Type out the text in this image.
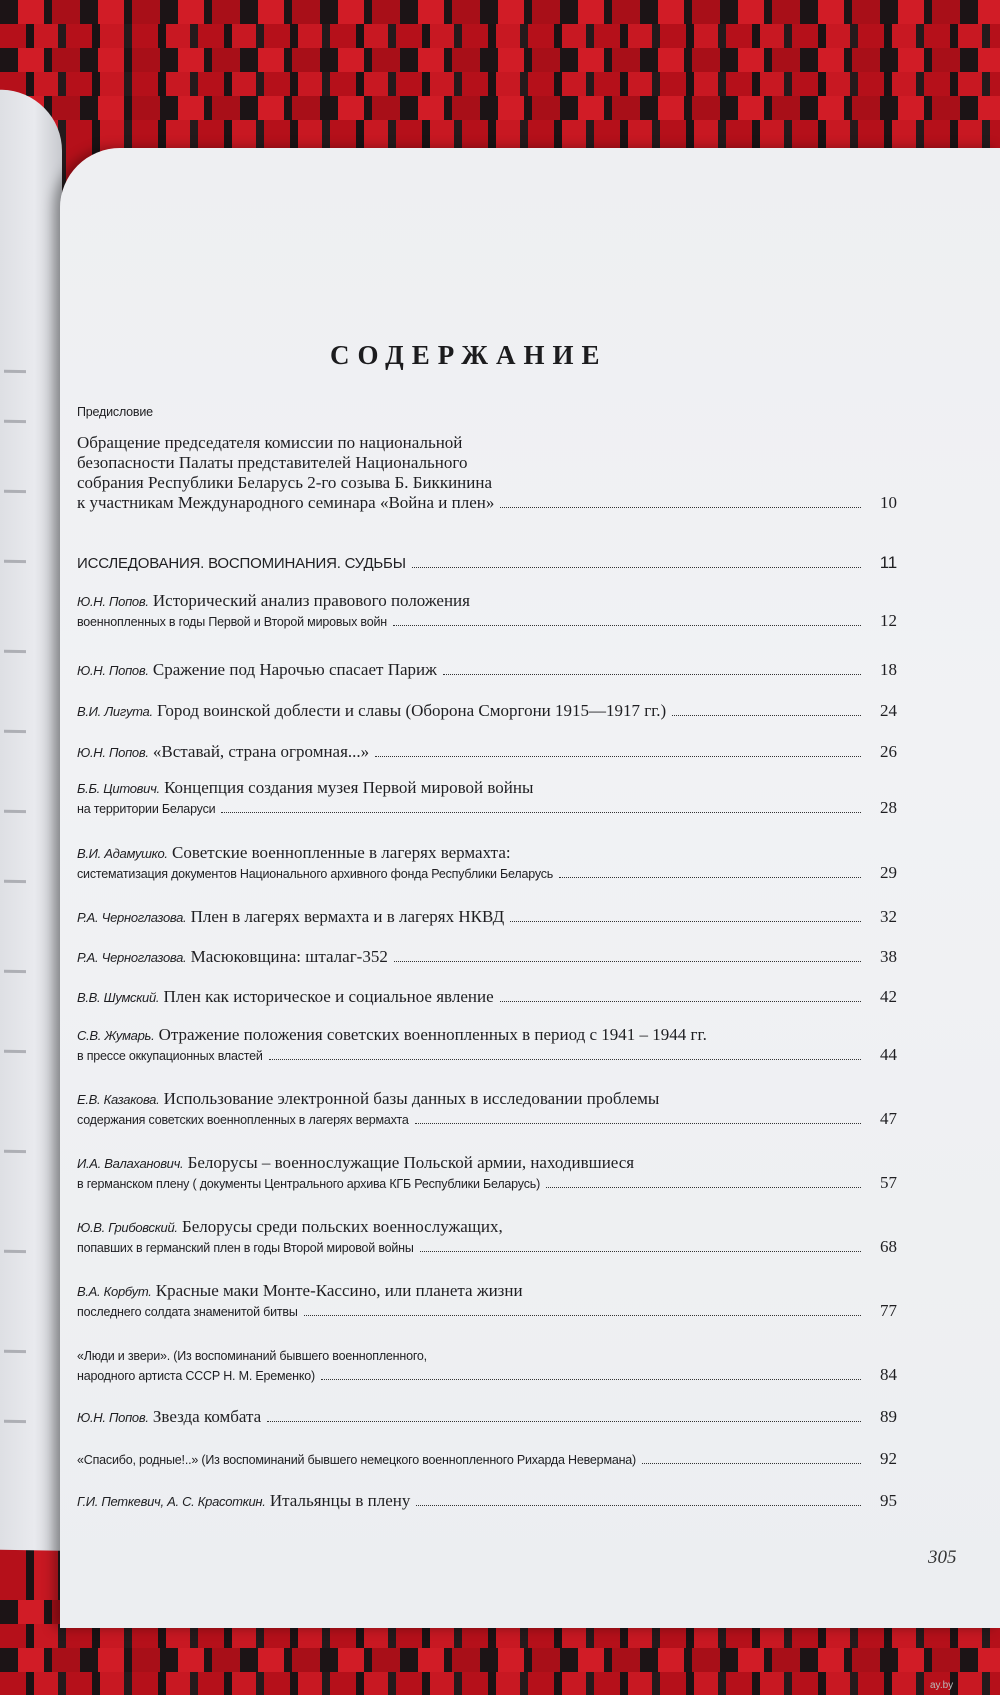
СОДЕРЖАНИЕ
Предисловие
Обращение председателя комиссии по национальной
безопасности Палаты представителей Национального
собрания Республики Беларусь 2-го созыва Б. Биккинина
к участникам Международного семинара «Война и плен»	10
ИССЛЕДОВАНИЯ. ВОСПОМИНАНИЯ. СУДЬБЫ	11
Ю.Н. Попов. Исторический анализ правового положения
военнопленных в годы Первой и Второй мировых войн	12
Ю.Н. Попов. Сражение под Нарочью спасает Париж	18
В.И. Лигута. Город воинской доблести и славы (Оборона Сморгони 1915—1917 гг.)	24
Ю.Н. Попов. «Вставай, страна огромная...»	26
Б.Б. Цитович. Концепция создания музея Первой мировой войны
на территории Беларуси	28
В.И. Адамушко. Советские военнопленные в лагерях вермахта:
систематизация документов Национального архивного фонда Республики Беларусь	29
Р.А. Черноглазова. Плен в лагерях вермахта и в лагерях НКВД	32
Р.А. Черноглазова. Масюковщина: шталаг-352	38
В.В. Шумский. Плен как историческое и социальное явление	42
С.В. Жумарь. Отражение положения советских военнопленных в период с 1941 – 1944 гг.
в прессе оккупационных властей	44
Е.В. Казакова. Использование электронной базы данных в исследовании проблемы
содержания советских военнопленных в лагерях вермахта	47
И.А. Валаханович. Белорусы – военнослужащие Польской армии, находившиеся
в германском плену ( документы Центрального архива КГБ Республики Беларусь)	57
Ю.В. Грибовский. Белорусы среди польских военнослужащих,
попавших в германский плен в годы Второй мировой войны	68
В.А. Корбут. Красные маки Монте-Кассино, или планета жизни
последнего солдата знаменитой битвы	77
«Люди и звери». (Из воспоминаний бывшего военнопленного,
народного артиста СССР Н. М. Еременко)	84
Ю.Н. Попов. Звезда комбата	89
«Спасибо, родные!..» (Из воспоминаний бывшего немецкого военнопленного Рихарда Невермана)	92
Г.И. Петкевич, А. С. Красоткин. Итальянцы в плену	95
305
ay.by
